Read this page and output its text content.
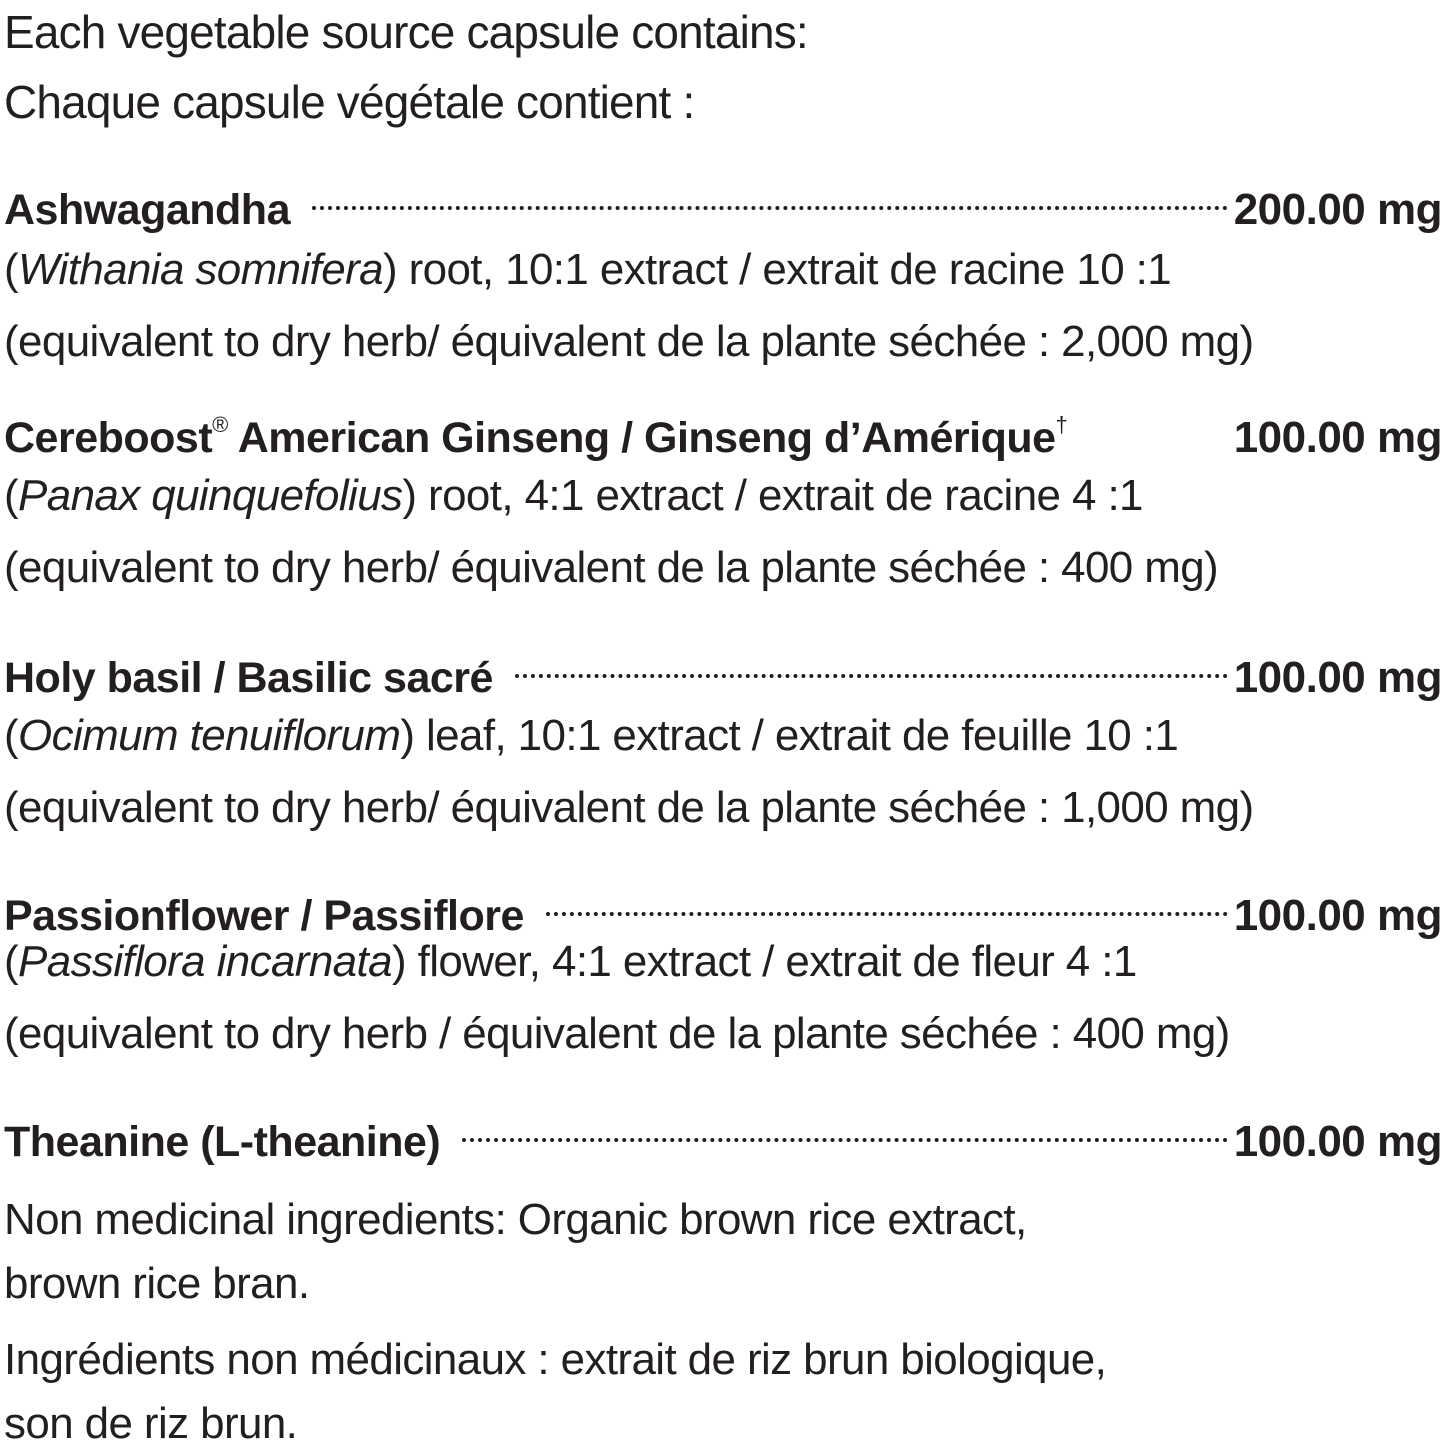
Each vegetable source capsule contains:
Chaque capsule végétale contient :
Ashwagandha	200.00 mg
(Withania somnifera) root, 10:1 extract / extrait de racine 10 :1
(equivalent to dry herb/ équivalent de la plante séchée : 2,000 mg)
Cereboost® American Ginseng / Ginseng d’Amérique†	100.00 mg
(Panax quinquefolius) root, 4:1 extract / extrait de racine 4 :1
(equivalent to dry herb/ équivalent de la plante séchée : 400 mg)
Holy basil / Basilic sacré	100.00 mg
(Ocimum tenuiflorum) leaf, 10:1 extract / extrait de feuille 10 :1
(equivalent to dry herb/ équivalent de la plante séchée : 1,000 mg)
Passionflower / Passiflore	100.00 mg
(Passiflora incarnata) flower, 4:1 extract / extrait de fleur 4 :1
(equivalent to dry herb / équivalent de la plante séchée : 400 mg)
Theanine (L-theanine)	100.00 mg
Non medicinal ingredients: Organic brown rice extract,
brown rice bran.
Ingrédients non médicinaux : extrait de riz brun biologique,
son de riz brun.
